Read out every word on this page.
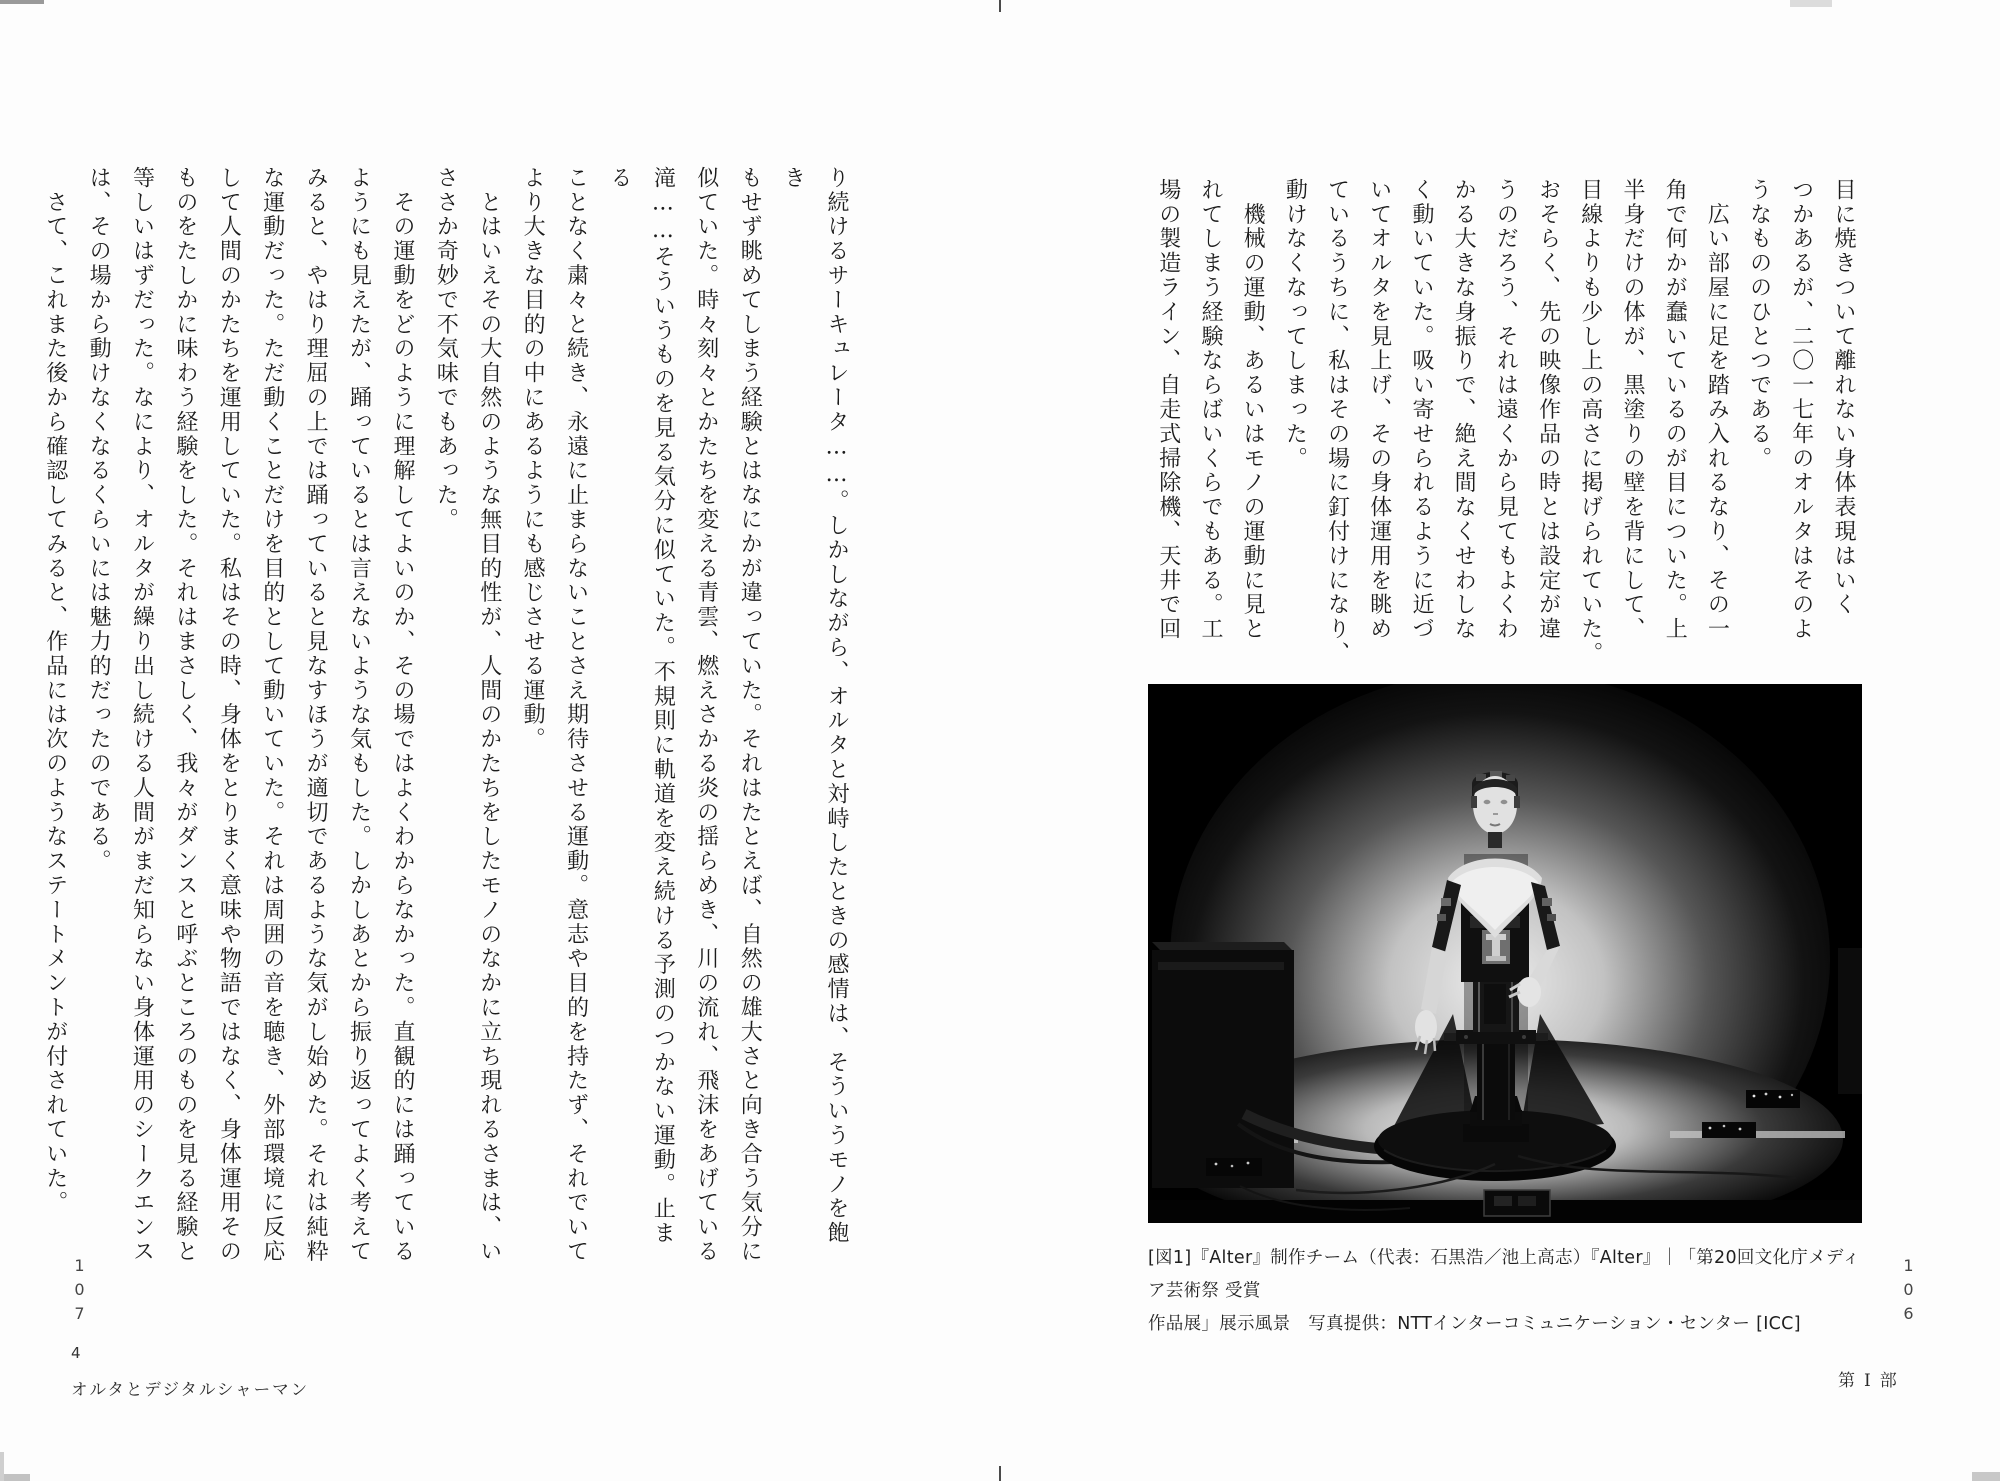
目に焼きついて離れない身体表現はいく
つかあるが、二〇一七年のオルタはそのよ
うなもののひとつである。
　広い部屋に足を踏み入れるなり、その一
角で何かが蠢いているのが目についた。上
半身だけの体が、黒塗りの壁を背にして、
目線よりも少し上の高さに掲げられていた。
おそらく、先の映像作品の時とは設定が違
うのだろう、それは遠くから見てもよくわ
かる大きな身振りで、絶え間なくせわしな
く動いていた。吸い寄せられるように近づ
いてオルタを見上げ、その身体運用を眺め
ているうちに、私はその場に釘付けになり、
動けなくなってしまった。
　機械の運動、あるいはモノの運動に見と
れてしまう経験ならばいくらでもある。工
場の製造ライン、自走式掃除機、天井で回
[図1]『Alter』制作チーム（代表：石黒浩／池上高志）『Alter』｜「第20回文化庁メディア芸術祭 受賞
作品展」展示風景　写真提供：NTTインターコミュニケーション・センター [ICC]
り続けるサーキュレータ……。しかしながら、オルタと対峙したときの感情は、そういうモノを飽き
もせず眺めてしまう経験とはなにかが違っていた。それはたとえば、自然の雄大さと向き合う気分に
似ていた。時々刻々とかたちを変える青雲、燃えさかる炎の揺らめき、川の流れ、飛沫をあげている
滝……そういうものを見る気分に似ていた。不規則に軌道を変え続ける予測のつかない運動。止まる
ことなく粛々と続き、永遠に止まらないことさえ期待させる運動。意志や目的を持たず、それでいて
より大きな目的の中にあるようにも感じさせる運動。
　とはいえその大自然のような無目的性が、人間のかたちをしたモノのなかに立ち現れるさまは、い
ささか奇妙で不気味でもあった。
　その運動をどのように理解してよいのか、その場ではよくわからなかった。直観的には踊っている
ようにも見えたが、踊っているとは言えないような気もした。しかしあとから振り返ってよく考えて
みると、やはり理屈の上では踊っていると見なすほうが適切であるような気がし始めた。それは純粋
な運動だった。ただ動くことだけを目的として動いていた。それは周囲の音を聴き、外部環境に反応
して人間のかたちを運用していた。私はその時、身体をとりまく意味や物語ではなく、身体運用その
ものをたしかに味わう経験をした。それはまさしく、我々がダンスと呼ぶところのものを見る経験と
等しいはずだった。なにより、オルタが繰り出し続ける人間がまだ知らない身体運用のシークエンス
は、その場から動けなくなるくらいには魅力的だったのである。
　さて、これまた後から確認してみると、作品には次のようなステートメントが付されていた。
106
107
4
オルタとデジタルシャーマン	第Ⅰ部
